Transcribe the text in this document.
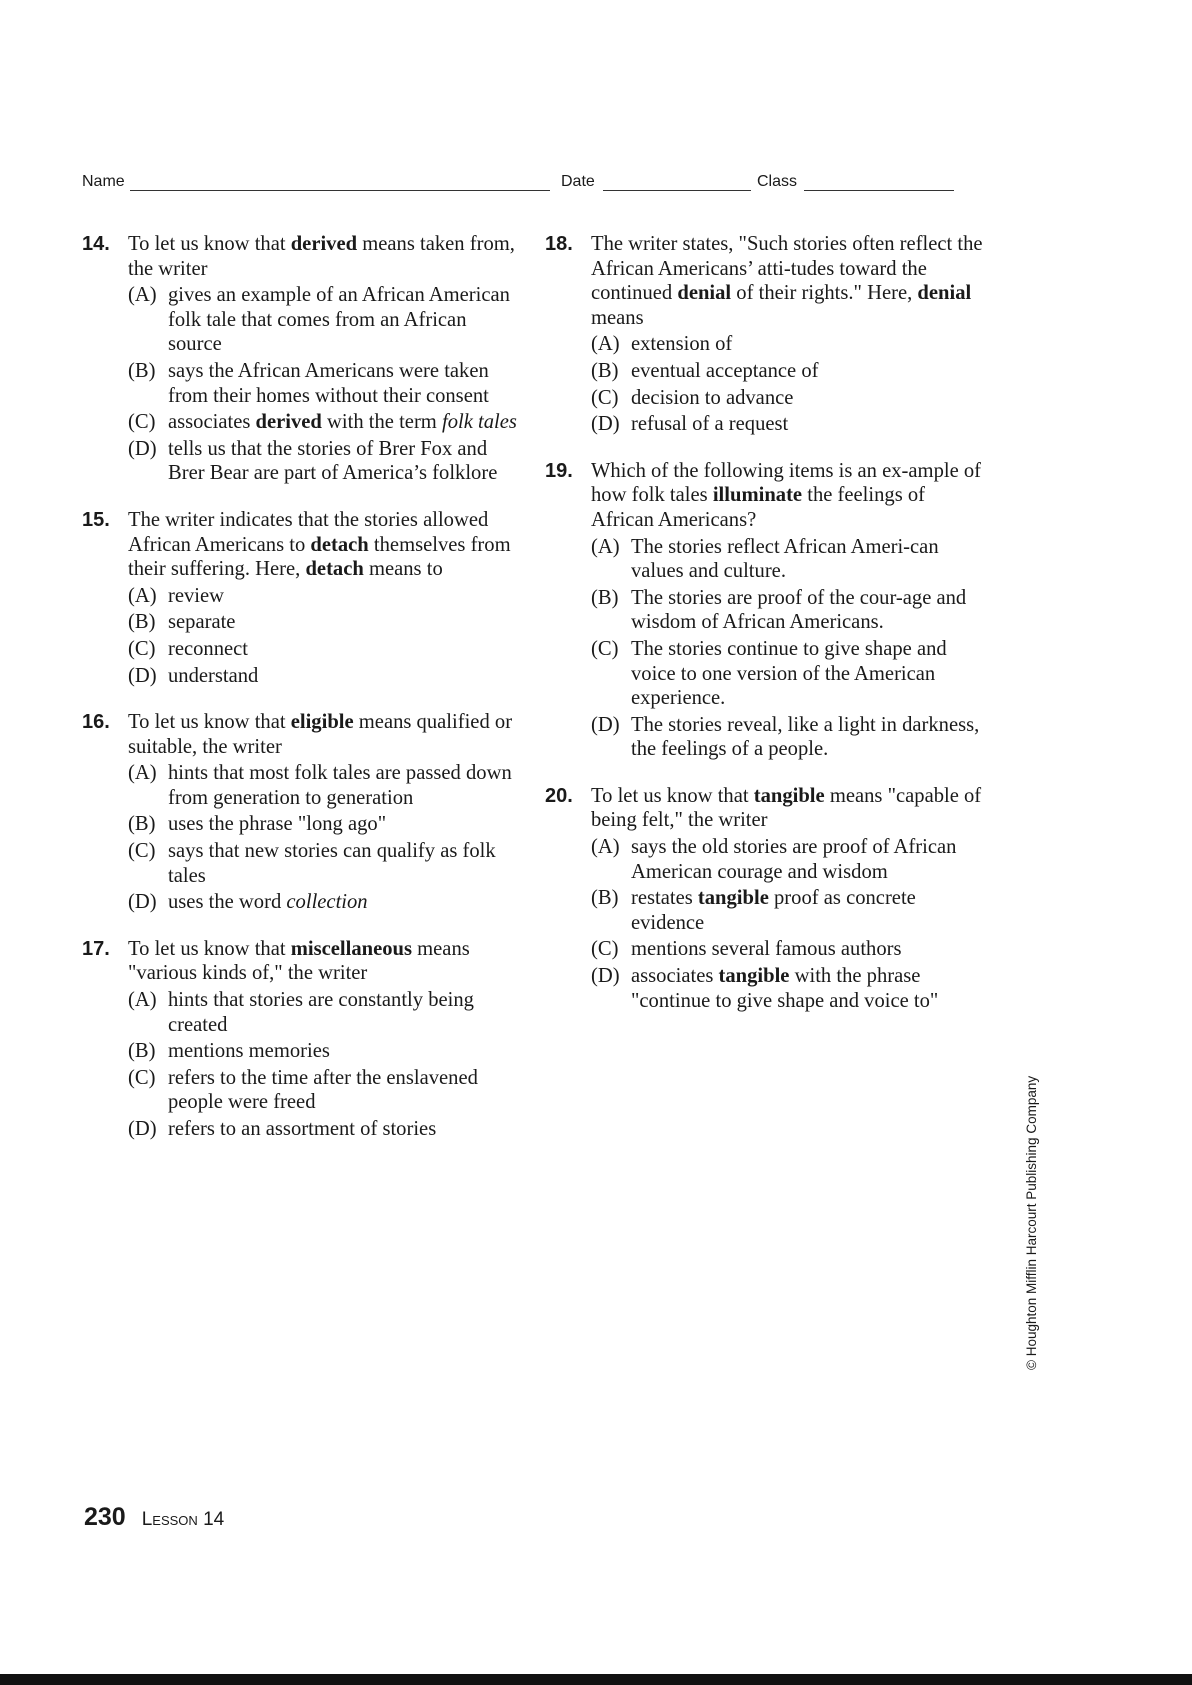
Name	Date	Class
14. To let us know that derived means taken from, the writer

(A) gives an example of an African American folk tale that comes from an African source
(B) says the African Americans were taken from their homes without their consent
(C) associates derived with the term folk tales
(D) tells us that the stories of Brer Fox and Brer Bear are part of America’s folklore
15. The writer indicates that the stories allowed African Americans to detach themselves from their suffering. Here, detach means to

(A) review
(B) separate
(C) reconnect
(D) understand
16. To let us know that eligible means qualified or suitable, the writer

(A) hints that most folk tales are passed down from generation to generation
(B) uses the phrase "long ago"
(C) says that new stories can qualify as folk tales
(D) uses the word collection
17. To let us know that miscellaneous means "various kinds of," the writer

(A) hints that stories are constantly being created
(B) mentions memories
(C) refers to the time after the enslavened people were freed
(D) refers to an assortment of stories
18. The writer states, "Such stories often reflect the African Americans’ atti-tudes toward the continued denial of their rights." Here, denial means

(A) extension of
(B) eventual acceptance of
(C) decision to advance
(D) refusal of a request
19. Which of the following items is an ex-ample of how folk tales illuminate the feelings of African Americans?

(A) The stories reflect African Ameri-can values and culture.
(B) The stories are proof of the cour-age and wisdom of African Americans.
(C) The stories continue to give shape and voice to one version of the American experience.
(D) The stories reveal, like a light in darkness, the feelings of a people.
20. To let us know that tangible means "capable of being felt," the writer

(A) says the old stories are proof of African American courage and wisdom
(B) restates tangible proof as concrete evidence
(C) mentions several famous authors
(D) associates tangible with the phrase "continue to give shape and voice to"
230 Lesson 14
© Houghton Mifflin Harcourt Publishing Company
